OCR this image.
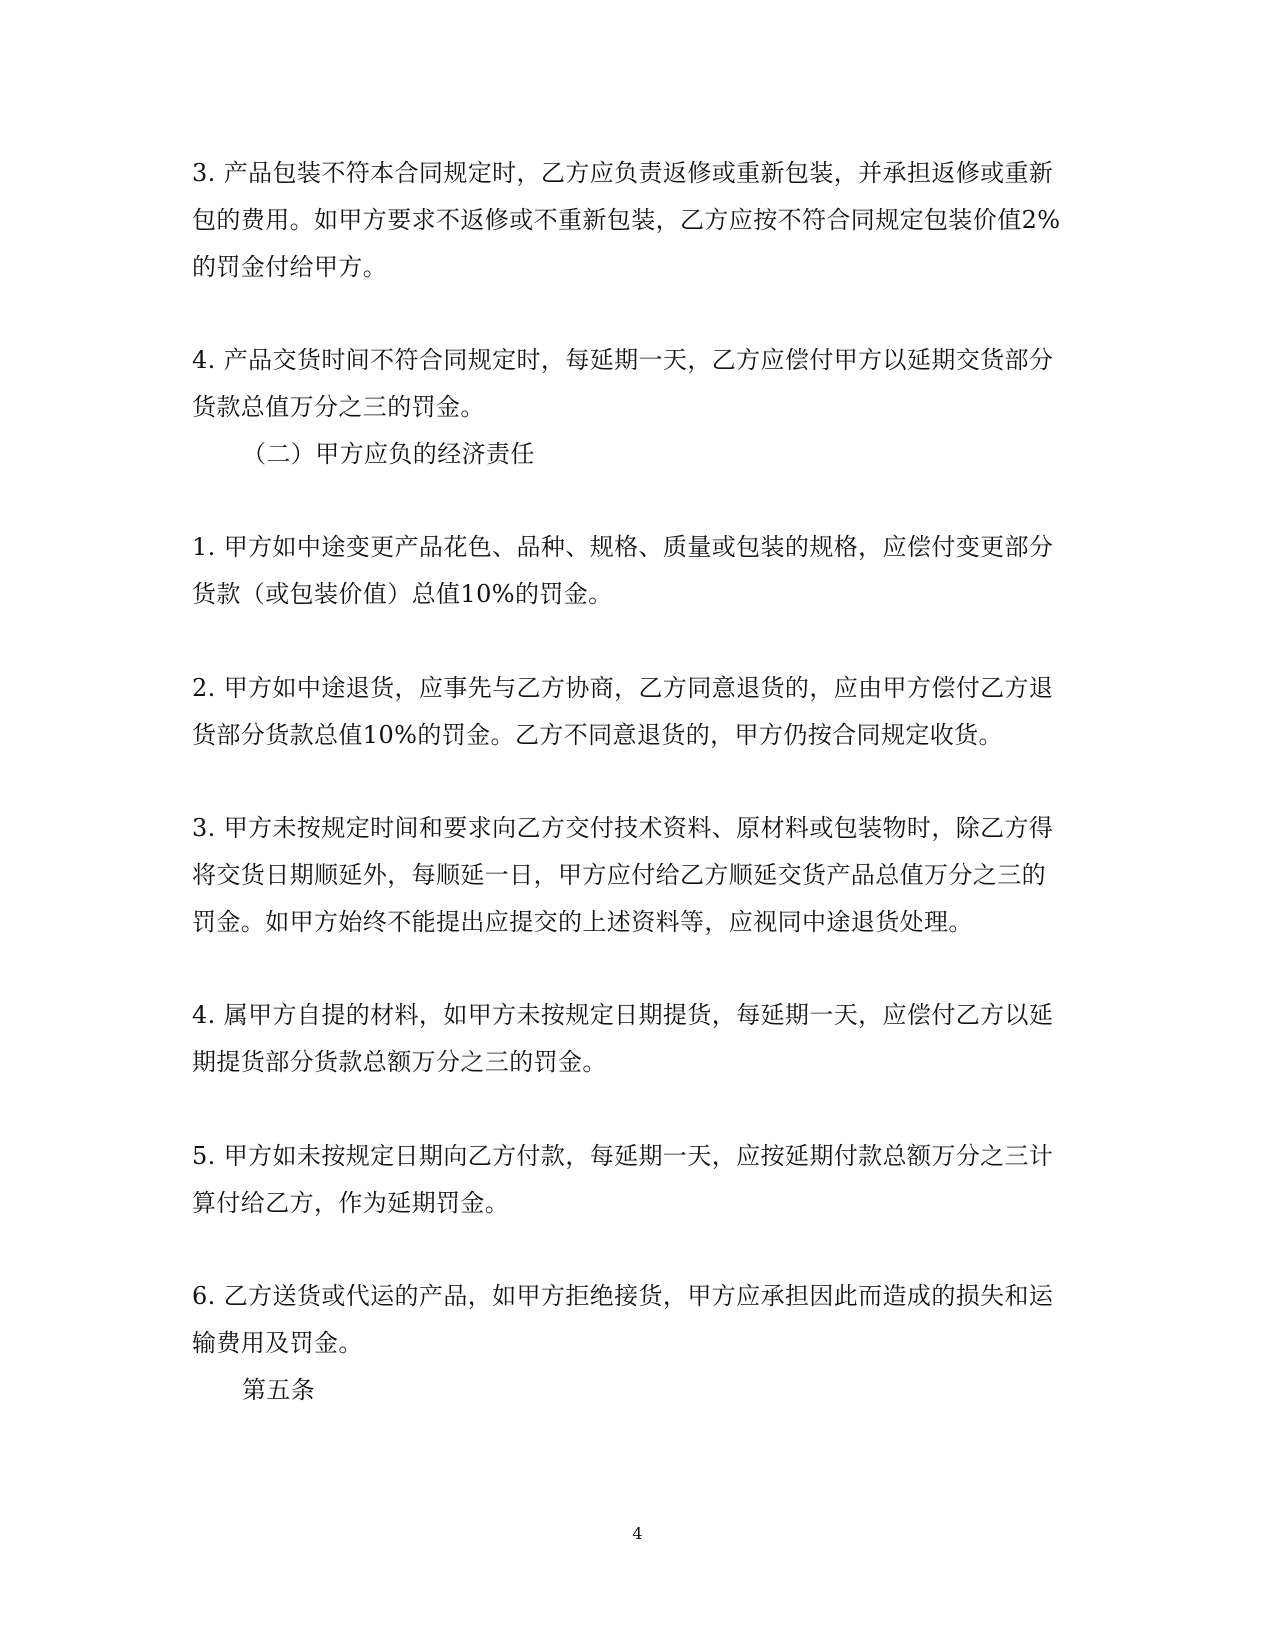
3. 产品包装不符本合同规定时，乙方应负责返修或重新包装，并承担返修或重新
包的费用。如甲方要求不返修或不重新包装，乙方应按不符合同规定包装价值2%
的罚金付给甲方。
4. 产品交货时间不符合同规定时，每延期一天，乙方应偿付甲方以延期交货部分
货款总值万分之三的罚金。
（二）甲方应负的经济责任
1. 甲方如中途变更产品花色、品种、规格、质量或包装的规格，应偿付变更部分
货款（或包装价值）总值10%的罚金。
2. 甲方如中途退货，应事先与乙方协商，乙方同意退货的，应由甲方偿付乙方退
货部分货款总值10%的罚金。乙方不同意退货的，甲方仍按合同规定收货。
3. 甲方未按规定时间和要求向乙方交付技术资料、原材料或包装物时，除乙方得
将交货日期顺延外，每顺延一日，甲方应付给乙方顺延交货产品总值万分之三的
罚金。如甲方始终不能提出应提交的上述资料等，应视同中途退货处理。
4. 属甲方自提的材料，如甲方未按规定日期提货，每延期一天，应偿付乙方以延
期提货部分货款总额万分之三的罚金。
5. 甲方如未按规定日期向乙方付款，每延期一天，应按延期付款总额万分之三计
算付给乙方，作为延期罚金。
6. 乙方送货或代运的产品，如甲方拒绝接货，甲方应承担因此而造成的损失和运
输费用及罚金。
第五条
4
